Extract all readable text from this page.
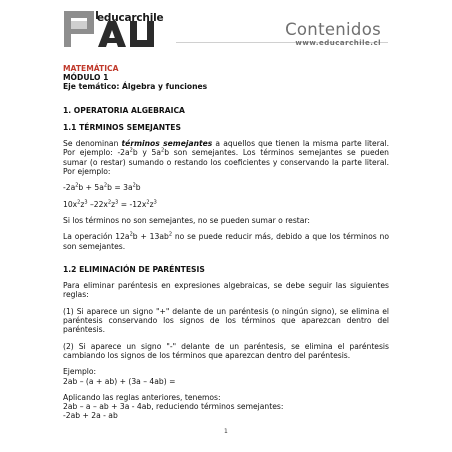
educarchile
Contenidos
www.educarchile.cl
MATEMÁTICA
MÓDULO 1
Eje temático: Álgebra y funciones
1. OPERATORIA ALGEBRAICA
1.1 TÉRMINOS SEMEJANTES

Se denominan términos semejantes a aquellos que tienen la misma parte literal. Por ejemplo: $-2a^2b$ y $5a^2b$ son semejantes. Los términos semejantes se pueden sumar (o restar) sumando o restando los coeficientes y conservando la parte literal. Por ejemplo:

$-2a^2b + 5a^2b = 3a^2b$
$10x^2z^3$ $-22x^2z^3 = -12x^2z^3$

Si los términos no son semejantes, no se pueden sumar o restar:

La operación $12a^2b + 13ab^2$ no se puede reducir más, debido a que los términos no son semejantes.

1.2 ELIMINACIÓN DE PARÉNTESIS

Para eliminar paréntesis en expresiones algebraicas, se debe seguir las siguientes reglas:

(1) Si aparece un signo "+" delante de un paréntesis (o ningún signo), se elimina el paréntesis conservando los signos de los términos que aparezcan dentro del paréntesis.

(2) Si aparece un signo "-" delante de un paréntesis, se elimina el paréntesis cambiando los signos de los términos que aparezcan dentro del paréntesis.

Ejemplo:
2ab – (a + ab) + (3a – 4ab) =
Aplicando las reglas anteriores, tenemos:
2ab – a – ab + 3a - 4ab, reduciendo términos semejantes:
-2ab + 2a - ab
1
